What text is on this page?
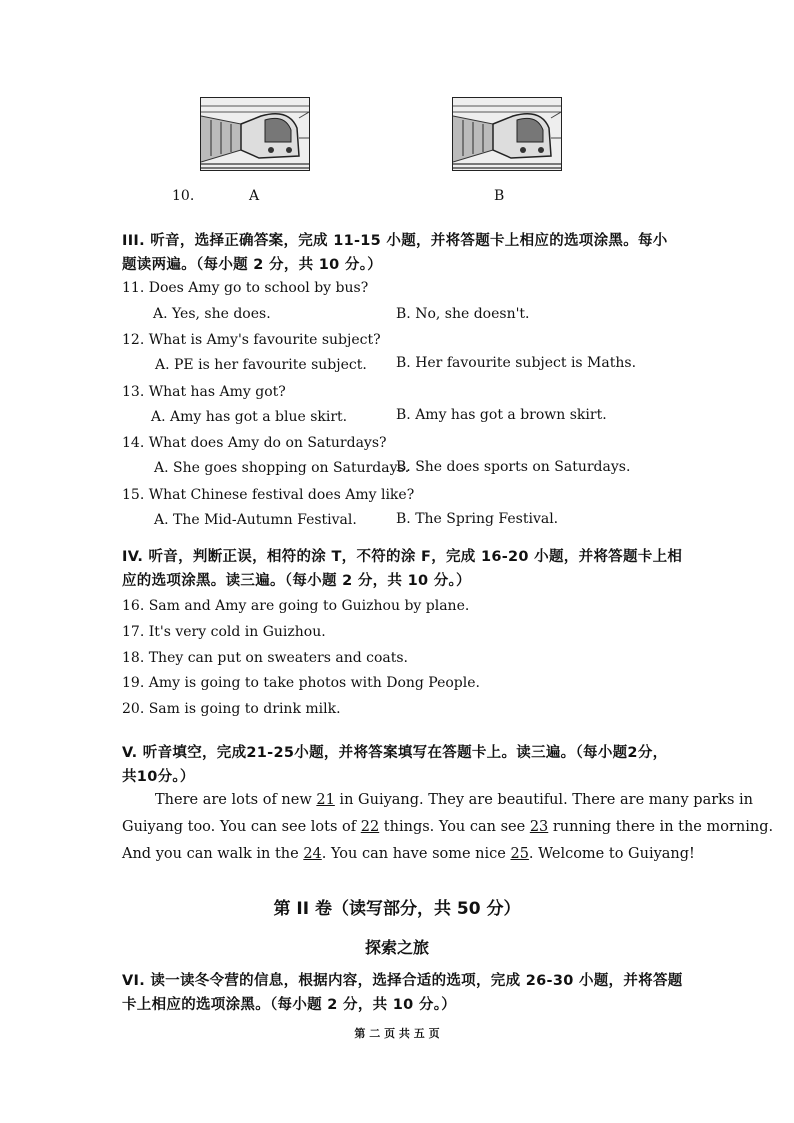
10.	A	B
III. 听音，选择正确答案，完成 11-15 小题，并将答题卡上相应的选项涂黑。每小
题读两遍。（每小题 2 分，共 10 分。）
11. Does Amy go to school by bus?
A. Yes, she does.	B. No, she doesn't.
12. What is Amy's favourite subject?
A. PE is her favourite subject. B. Her favourite subject is Maths.
13. What has Amy got?
A. Amy has got a blue skirt.	B. Amy has got a brown skirt.
14. What does Amy do on Saturdays?
A. She goes shopping on Saturdays.
B. She does sports on Saturdays.
15. What Chinese festival does Amy like?
A. The Mid-Autumn Festival.	B. The Spring Festival.
IV. 听音，判断正误，相符的涂 T，不符的涂 F，完成 16-20 小题，并将答题卡上相
应的选项涂黑。读三遍。（每小题 2 分，共 10 分。）
16. Sam and Amy are going to Guizhou by plane.
17. It's very cold in Guizhou.
18. They can put on sweaters and coats.
19. Amy is going to take photos with Dong People.
20. Sam is going to drink milk.
V. 听音填空，完成21-25小题，并将答案填写在答题卡上。读三遍。（每小题2分，
共10分。）
There are lots of new 21 in Guiyang. They are beautiful. There are many parks in
Guiyang too. You can see lots of 22 things. You can see 23 running there in the morning.
And you can walk in the 24. You can have some nice 25. Welcome to Guiyang!
第 II 卷（读写部分，共 50 分）
探索之旅
VI. 读一读冬令营的信息，根据内容，选择合适的选项，完成 26-30 小题，并将答题
卡上相应的选项涂黑。（每小题 2 分，共 10 分。）
第 二 页 共 五 页
